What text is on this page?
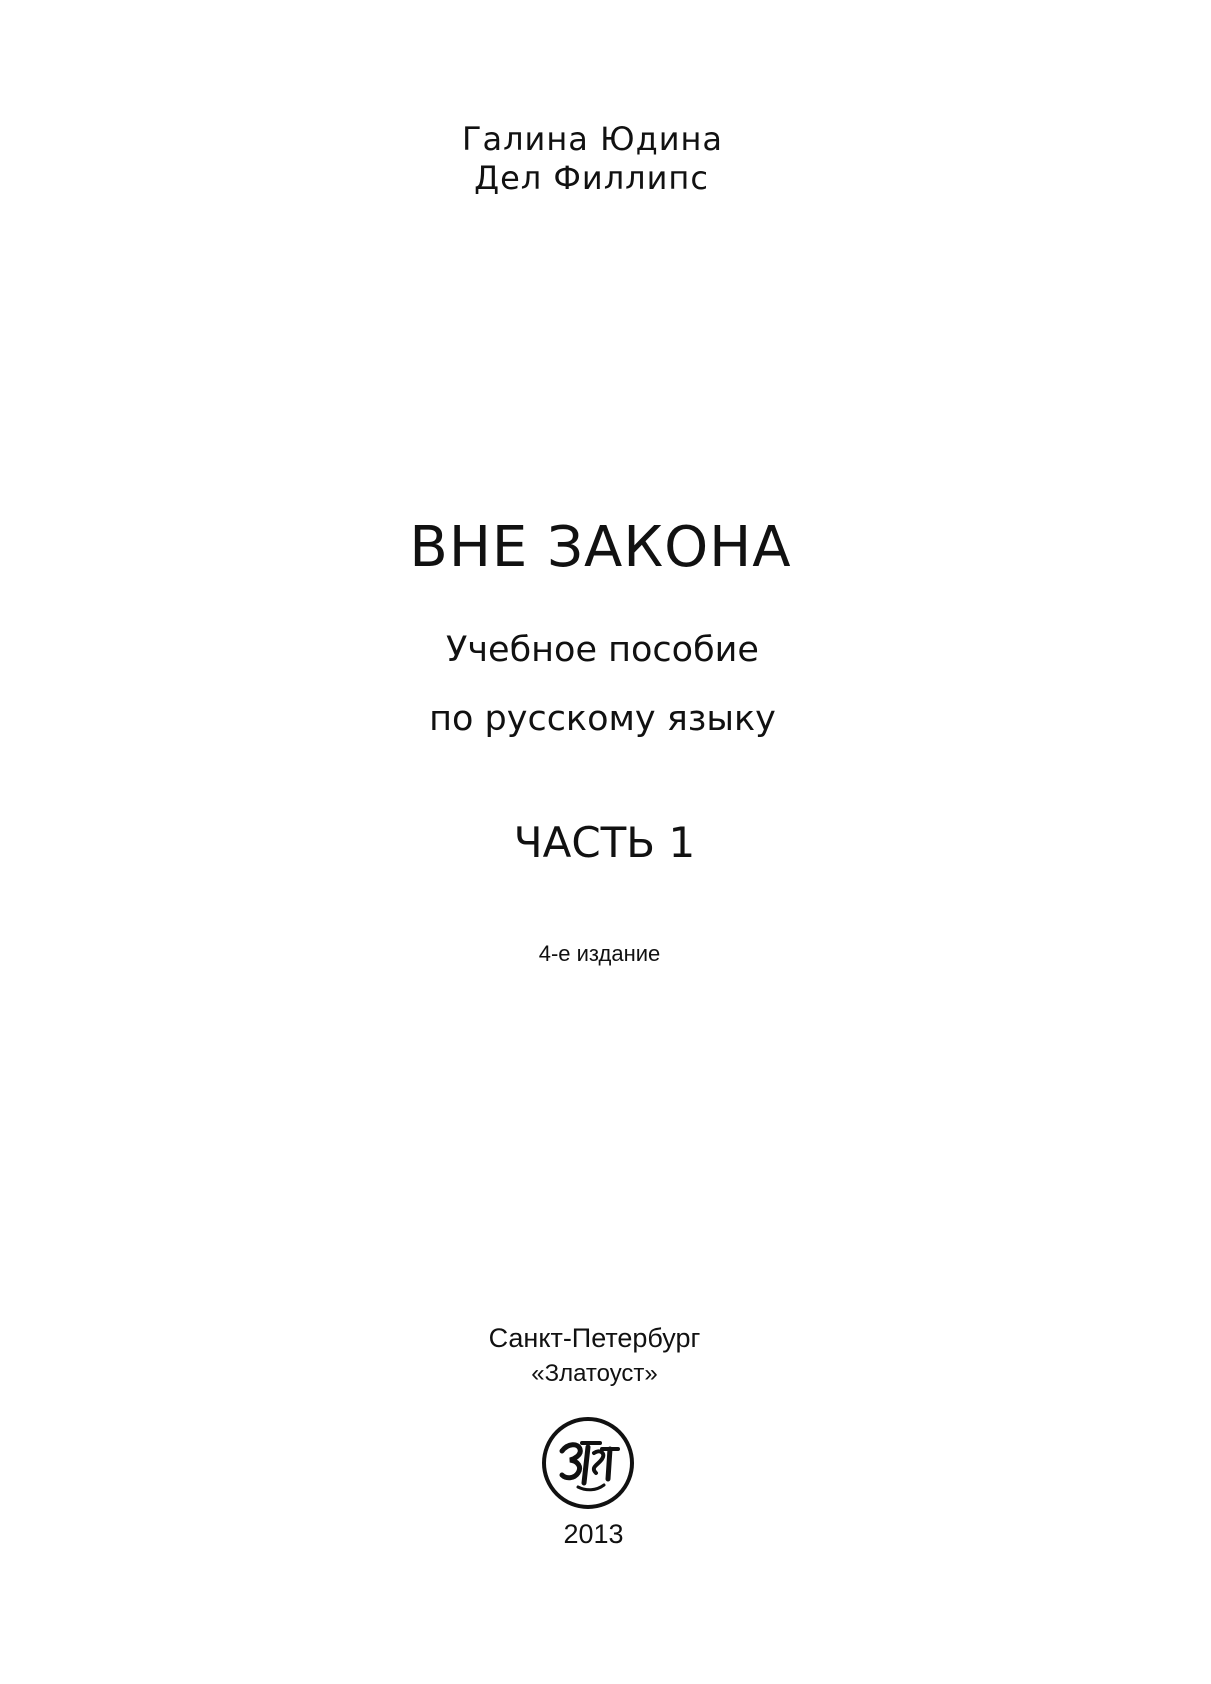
Галина Юдина
Дел Филлипс
ВНЕ ЗАКОНА
Учебное пособие
по русскому языку
ЧАСТЬ 1
4-е издание
Санкт-Петербург
«Златоуст»
2013
